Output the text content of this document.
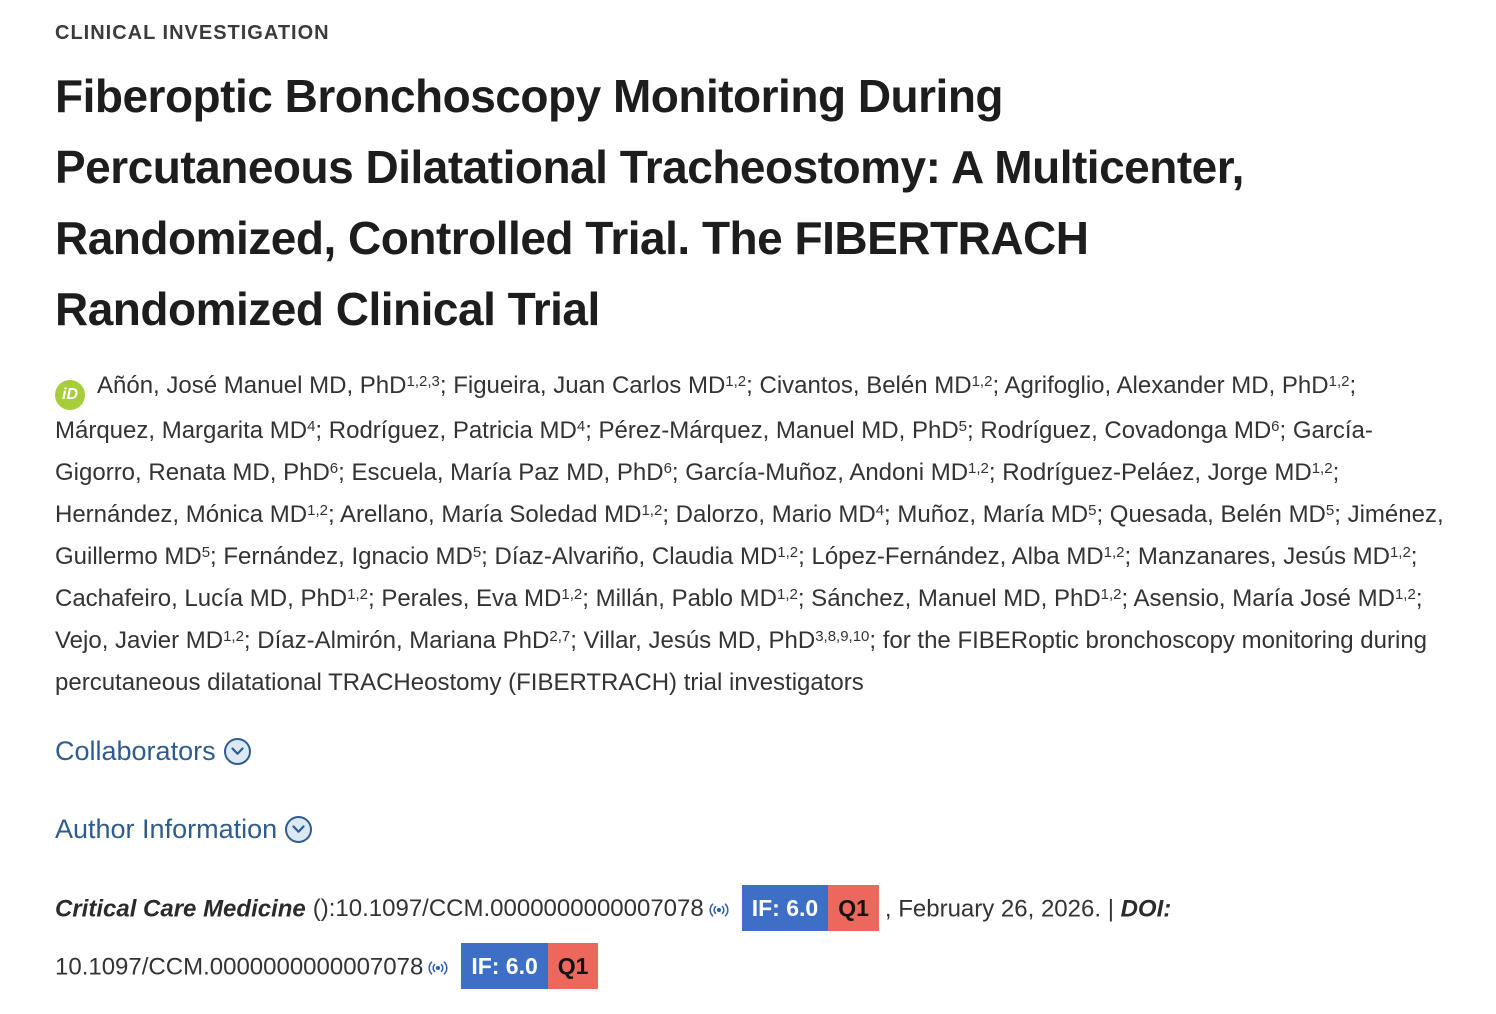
CLINICAL INVESTIGATION
Fiberoptic Bronchoscopy Monitoring During
Percutaneous Dilatational Tracheostomy: A Multicenter,
Randomized, Controlled Trial. The FIBERTRACH
Randomized Clinical Trial

iD Añón, José Manuel MD, PhD$^{1,2,3}$; Figueira, Juan Carlos MD$^{1,2}$; Civantos, Belén MD$^{1,2}$; Agrifoglio, Alexander MD, PhD$^{1,2}$; Márquez, Margarita $MD^4$; Rodríguez, Patricia $MD^4$; Pérez-Márquez, Manuel MD, PhD$^5$; Rodríguez, Covadonga $MD^6$; García-Gigorro, Renata MD, PhD$^6$; Escuela, María Paz MD, PhD$^6$; García-Muñoz, Andoni MD$^{1,2}$; Rodríguez-Peláez, Jorge MD$^{1,2}$; Hernández, Mónica MD$^{1,2}$; Arellano, María Soledad MD$^{1,2}$; Dalorzo, Mario $MD^4$; Muñoz, María $MD^5$; Quesada, Belén $MD^5$; Jiménez, Guillermo $MD^5$; Fernández, Ignacio $MD^5$; Díaz-Alvariño, Claudia MD$^{1,2}$; López-Fernández, Alba MD$^{1,2}$; Manzanares, Jesús MD$^{1,2}$; Cachafeiro, Lucía MD, PhD$^{1,2}$; Perales, Eva MD$^{1,2}$; Millán, Pablo MD$^{1,2}$; Sánchez, Manuel MD, PhD$^{1,2}$; Asensio, María José MD$^{1,2}$; Vejo, Javier MD$^{1,2}$; Díaz-Almirón, Mariana PhD$^{2,7}$; Villar, Jesús MD, PhD$^{3,8,9,10}$; for the FIBERoptic bronchoscopy monitoring during percutaneous dilatational TRACHeostomy (FIBERTRACH) trial investigators

Collaborators
Author Information
Critical Care Medicine ():10.1097/CCM.0000000000007078	IF: 6.0 Q1 , February 26, 2026. | DOI:
10.1097/CCM.0000000000007078	IF: 6.0 Q1
